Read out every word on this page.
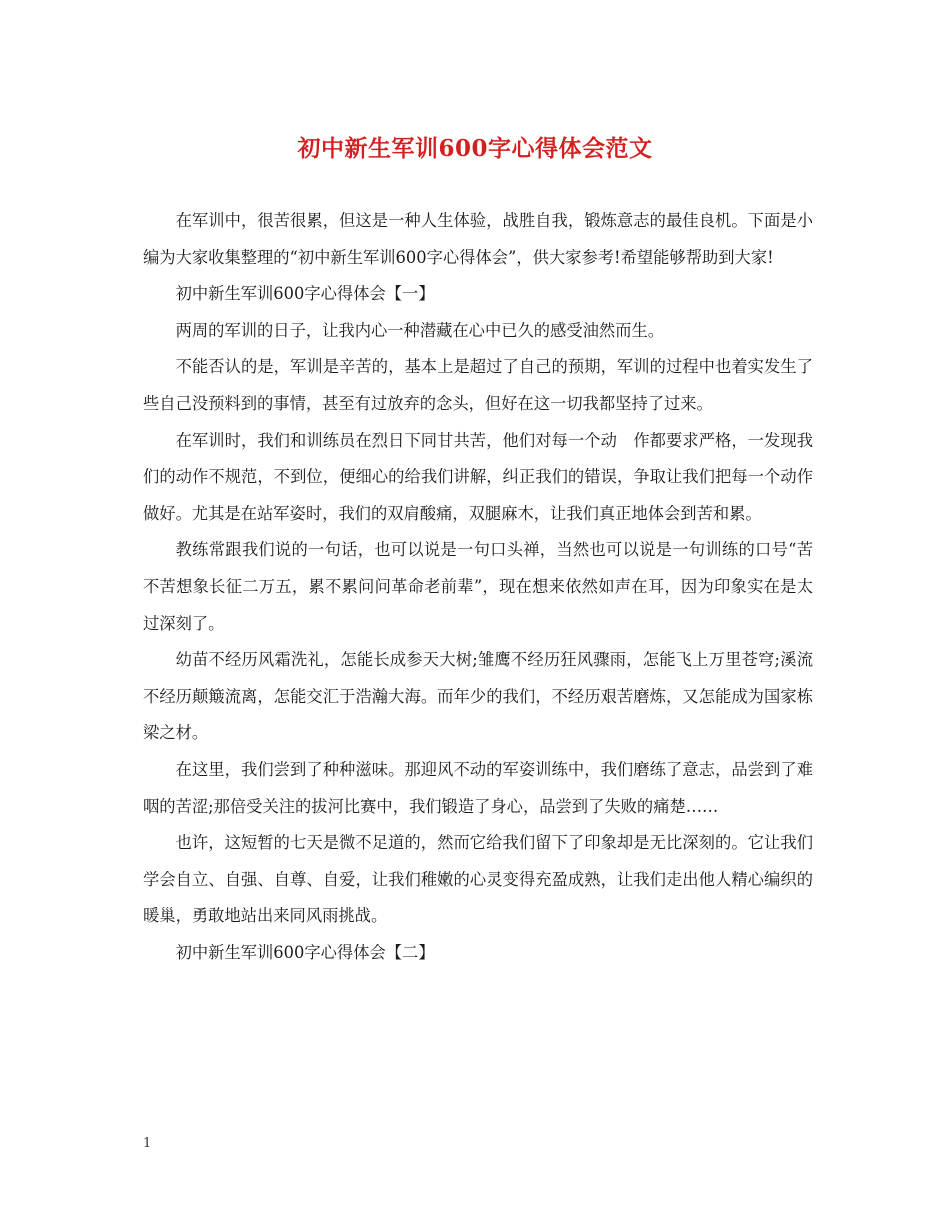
初中新生军训600字心得体会范文

在军训中，很苦很累，但这是一种人生体验，战胜自我，锻炼意志的最佳良机。下面是小编为大家收集整理的“初中新生军训600字心得体会”，供大家参考!希望能够帮助到大家!

初中新生军训600字心得体会【一】

两周的军训的日子，让我内心一种潜藏在心中已久的感受油然而生。

不能否认的是，军训是辛苦的，基本上是超过了自己的预期，军训的过程中也着实发生了些自己没预料到的事情，甚至有过放弃的念头，但好在这一切我都坚持了过来。

在军训时，我们和训练员在烈日下同甘共苦，他们对每一个动　作都要求严格，一发现我们的动作不规范，不到位，便细心的给我们讲解，纠正我们的错误，争取让我们把每一个动作做好。尤其是在站军姿时，我们的双肩酸痛，双腿麻木，让我们真正地体会到苦和累。

教练常跟我们说的一句话，也可以说是一句口头禅，当然也可以说是一句训练的口号“苦不苦想象长征二万五，累不累问问革命老前辈”，现在想来依然如声在耳，因为印象实在是太过深刻了。

幼苗不经历风霜洗礼，怎能长成参天大树;雏鹰不经历狂风骤雨，怎能飞上万里苍穹;溪流不经历颠簸流离，怎能交汇于浩瀚大海。而年少的我们，不经历艰苦磨炼，又怎能成为国家栋梁之材。

在这里，我们尝到了种种滋味。那迎风不动的军姿训练中，我们磨练了意志，品尝到了难咽的苦涩;那倍受关注的拔河比赛中，我们锻造了身心，品尝到了失败的痛楚……

也许，这短暂的七天是微不足道的，然而它给我们留下了印象却是无比深刻的。它让我们学会自立、自强、自尊、自爱，让我们稚嫩的心灵变得充盈成熟，让我们走出他人精心编织的暖巢，勇敢地站出来同风雨挑战。

初中新生军训600字心得体会【二】

1
